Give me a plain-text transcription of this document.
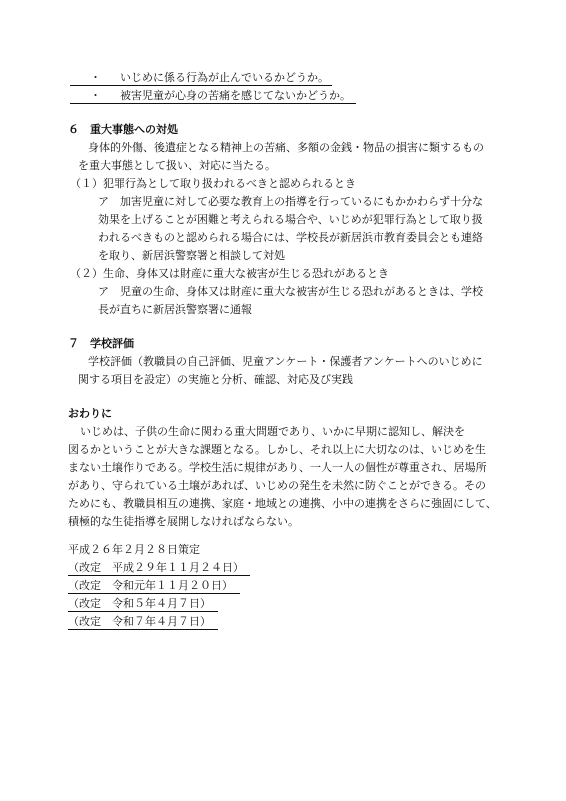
・ いじめに係る行為が止んでいるかどうか。
・ 被害児童が心身の苦痛を感じてないかどうか。
６　重大事態への対処
身体的外傷、後遺症となる精神上の苦痛、多額の金銭・物品の損害に類するもの
を重大事態として扱い、対応に当たる。
（１）犯罪行為として取り扱われるべきと認められるとき
ア　加害児童に対して必要な教育上の指導を行っているにもかかわらず十分な
効果を上げることが困難と考えられる場合や、いじめが犯罪行為として取り扱
われるべきものと認められる場合には、学校長が新居浜市教育委員会とも連絡
を取り、新居浜警察署と相談して対処
（２）生命、身体又は財産に重大な被害が生じる恐れがあるとき
ア　児童の生命、身体又は財産に重大な被害が生じる恐れがあるときは、学校
長が直ちに新居浜警察署に通報
７　学校評価
学校評価（教職員の自己評価、児童アンケート・保護者アンケートへのいじめに
関する項目を設定）の実施と分析、確認、対応及び実践
おわりに
いじめは、子供の生命に関わる重大問題であり、いかに早期に認知し、解決を
図るかということが大きな課題となる。しかし、それ以上に大切なのは、いじめを生
まない土壌作りである。学校生活に規律があり、一人一人の個性が尊重され、居場所
があり、守られている土壌があれば、いじめの発生を未然に防ぐことができる。その
ためにも、教職員相互の連携、家庭・地域との連携、小中の連携をさらに強固にして、
積極的な生徒指導を展開しなければならない。
平成２６年２月２８日策定
（改定　平成２９年１１月２４日）
（改定　令和元年１１月２０日）
（改定　令和５年４月７日）
（改定　令和７年４月７日）
